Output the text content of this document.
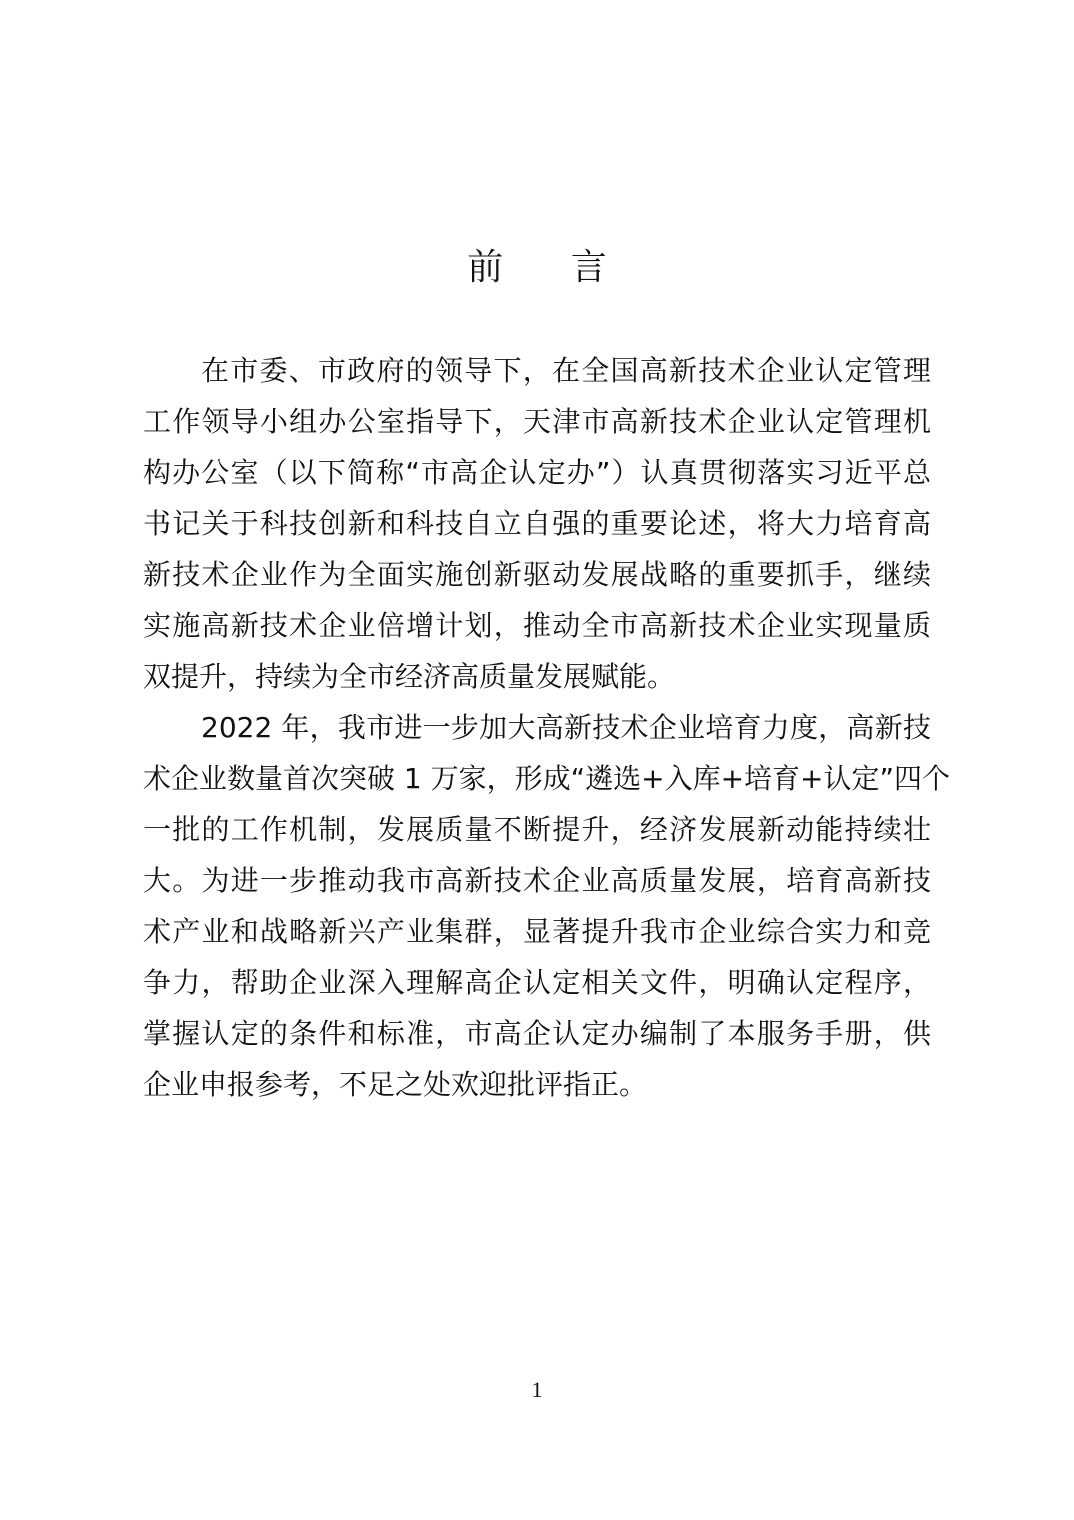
前 言
在市委、市政府的领导下，在全国高新技术企业认定管理
工作领导小组办公室指导下，天津市高新技术企业认定管理机
构办公室（以下简称“市高企认定办”）认真贯彻落实习近平总
书记关于科技创新和科技自立自强的重要论述，将大力培育高
新技术企业作为全面实施创新驱动发展战略的重要抓手，继续
实施高新技术企业倍增计划，推动全市高新技术企业实现量质
双提升，持续为全市经济高质量发展赋能。
2022 年，我市进一步加大高新技术企业培育力度，高新技
术企业数量首次突破 1 万家，形成“遴选+入库+培育+认定”四个
一批的工作机制，发展质量不断提升，经济发展新动能持续壮
大。为进一步推动我市高新技术企业高质量发展，培育高新技
术产业和战略新兴产业集群，显著提升我市企业综合实力和竞
争力，帮助企业深入理解高企认定相关文件，明确认定程序，
掌握认定的条件和标准，市高企认定办编制了本服务手册，供
企业申报参考，不足之处欢迎批评指正。
1
